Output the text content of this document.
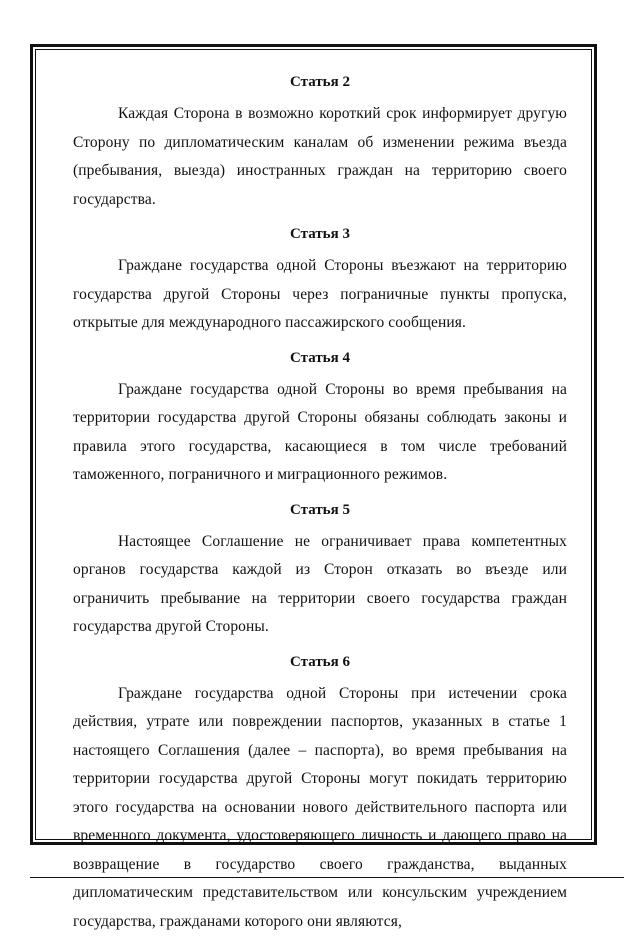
Статья 2

Каждая Сторона в возможно короткий срок информирует другую Сторону по дипломатическим каналам об изменении режима въезда (пребывания, выезда) иностранных граждан на территорию своего государства.

Статья 3

Граждане государства одной Стороны въезжают на территорию государства другой Стороны через пограничные пункты пропуска, открытые для международного пассажирского сообщения.

Статья 4

Граждане государства одной Стороны во время пребывания на территории государства другой Стороны обязаны соблюдать законы и правила этого государства, касающиеся в том числе требований таможенного, пограничного и миграционного режимов.

Статья 5

Настоящее Соглашение не ограничивает права компетентных органов государства каждой из Сторон отказать во въезде или ограничить пребывание на территории своего государства граждан государства другой Стороны.

Статья 6

Граждане государства одной Стороны при истечении срока действия, утрате или повреждении паспортов, указанных в статье 1 настоящего Соглашения (далее – паспорта), во время пребывания на территории государства другой Стороны могут покидать территорию этого государства на основании нового действительного паспорта или временного документа, удостоверяющего личность и дающего право на возвращение в государство своего гражданства, выданных дипломатическим представительством или консульским учреждением государства, гражданами которого они являются,
